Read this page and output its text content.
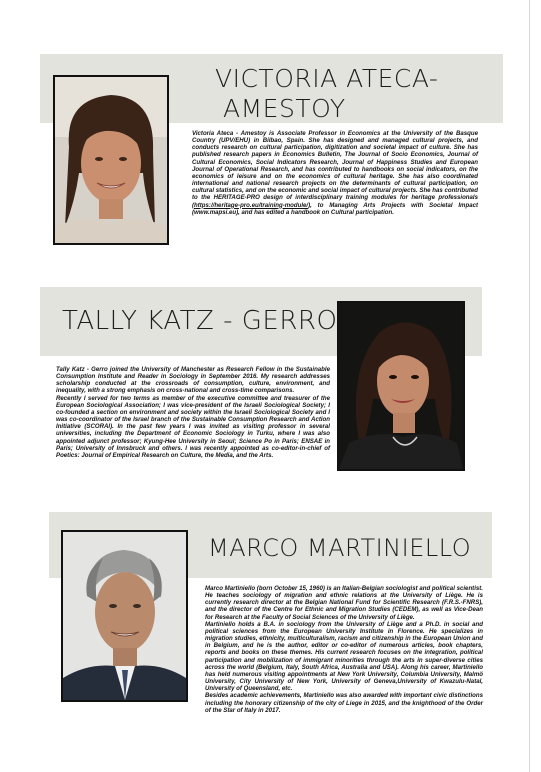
VICTORIA ATECA-
AMESTOY

Victoria Ateca - Amestoy is Associate Professor in Economics at the University of the Basque Country (UPV/EHU) in Bilbao, Spain. She has designed and managed cultural projects, and conducts research on cultural participation, digitization and societal impact of culture. She has published research papers in Economics Bulletin, The Journal of Socio Economics, Journal of Cultural Economics, Social Indicators Research, Journal of Happiness Studies and European Journal of Operational Research, and has contributed to handbooks on social indicators, on the economics of leisure and on the economics of cultural heritage. She has also coordinated international and national research projects on the determinants of cultural participation, on cultural statistics, and on the economic and social impact of cultural projects. She has contributed to the HERITAGE-PRO design of interdisciplinary training modules for heritage professionals (https://heritage-pro.eu/training-module/), to Managing Arts Projects with Societal Impact (www.mapsi.eu), and has edited a handbook on Cultural participation.

TALLY KATZ - GERRO

Tally Katz - Gerro joined the University of Manchester as Research Fellow in the Sustainable Consumption Institute and Reader in Sociology in September 2016. My research addresses scholarship conducted at the crossroads of consumption, culture, environment, and inequality, with a strong emphasis on cross-national and cross-time comparisons.
Recently I served for two terms as member of the executive committee and treasurer of the European Sociological Association; I was vice-president of the Israeli Sociological Society; I co-founded a section on environment and society within the Israeli Sociological Society and I was co-coordinator of the Israel branch of the Sustainable Consumption Research and Action Initiative (SCORAI). In the past few years I was invited as visiting professor in several universities, including the Department of Economic Sociology in Turku, where I was also appointed adjunct professor; Kyung-Hee University in Seoul; Science Po in Paris; ENSAE in Paris; University of Innsbruck and others. I was recently appointed as co-editor-in-chief of Poetics: Journal of Empirical Research on Culture, the Media, and the Arts.

MARCO MARTINIELLO

Marco Martiniello (born October 15, 1960) is an Italian-Belgian sociologist and political scientist. He teaches sociology of migration and ethnic relations at the University of Liège. He is currently research director at the Belgian National Fund for Scientific Research (F.R.S.-FNRS), and the director of the Centre for Ethnic and Migration Studies (CEDEM), as well as Vice-Dean for Research at the Faculty of Social Sciences of the University of Liège.
Martiniello holds a B.A. in sociology from the University of Liège and a Ph.D. in social and political sciences from the European University Institute in Florence. He specializes in migration studies, ethnicity, multiculturalism, racism and citizenship in the European Union and in Belgium, and he is the author, editor or co-editor of numerous articles, book chapters, reports and books on these themes. His current research focuses on the integration, political participation and mobilization of immigrant minorities through the arts in super-diverse cities across the world (Belgium, Italy, South Africa, Australia and USA). Along his career, Martiniello has held numerous visiting appointments at New York University, Columbia University, Malmö University, City University of New York, University of Geneva,University of Kwazulu-Natal, University of Queensland, etc.
Besides academic achievements, Martiniello was also awarded with important civic distinctions including the honorary citizenship of the city of Liege in 2015, and the knighthood of the Order of the Star of Italy in 2017.
